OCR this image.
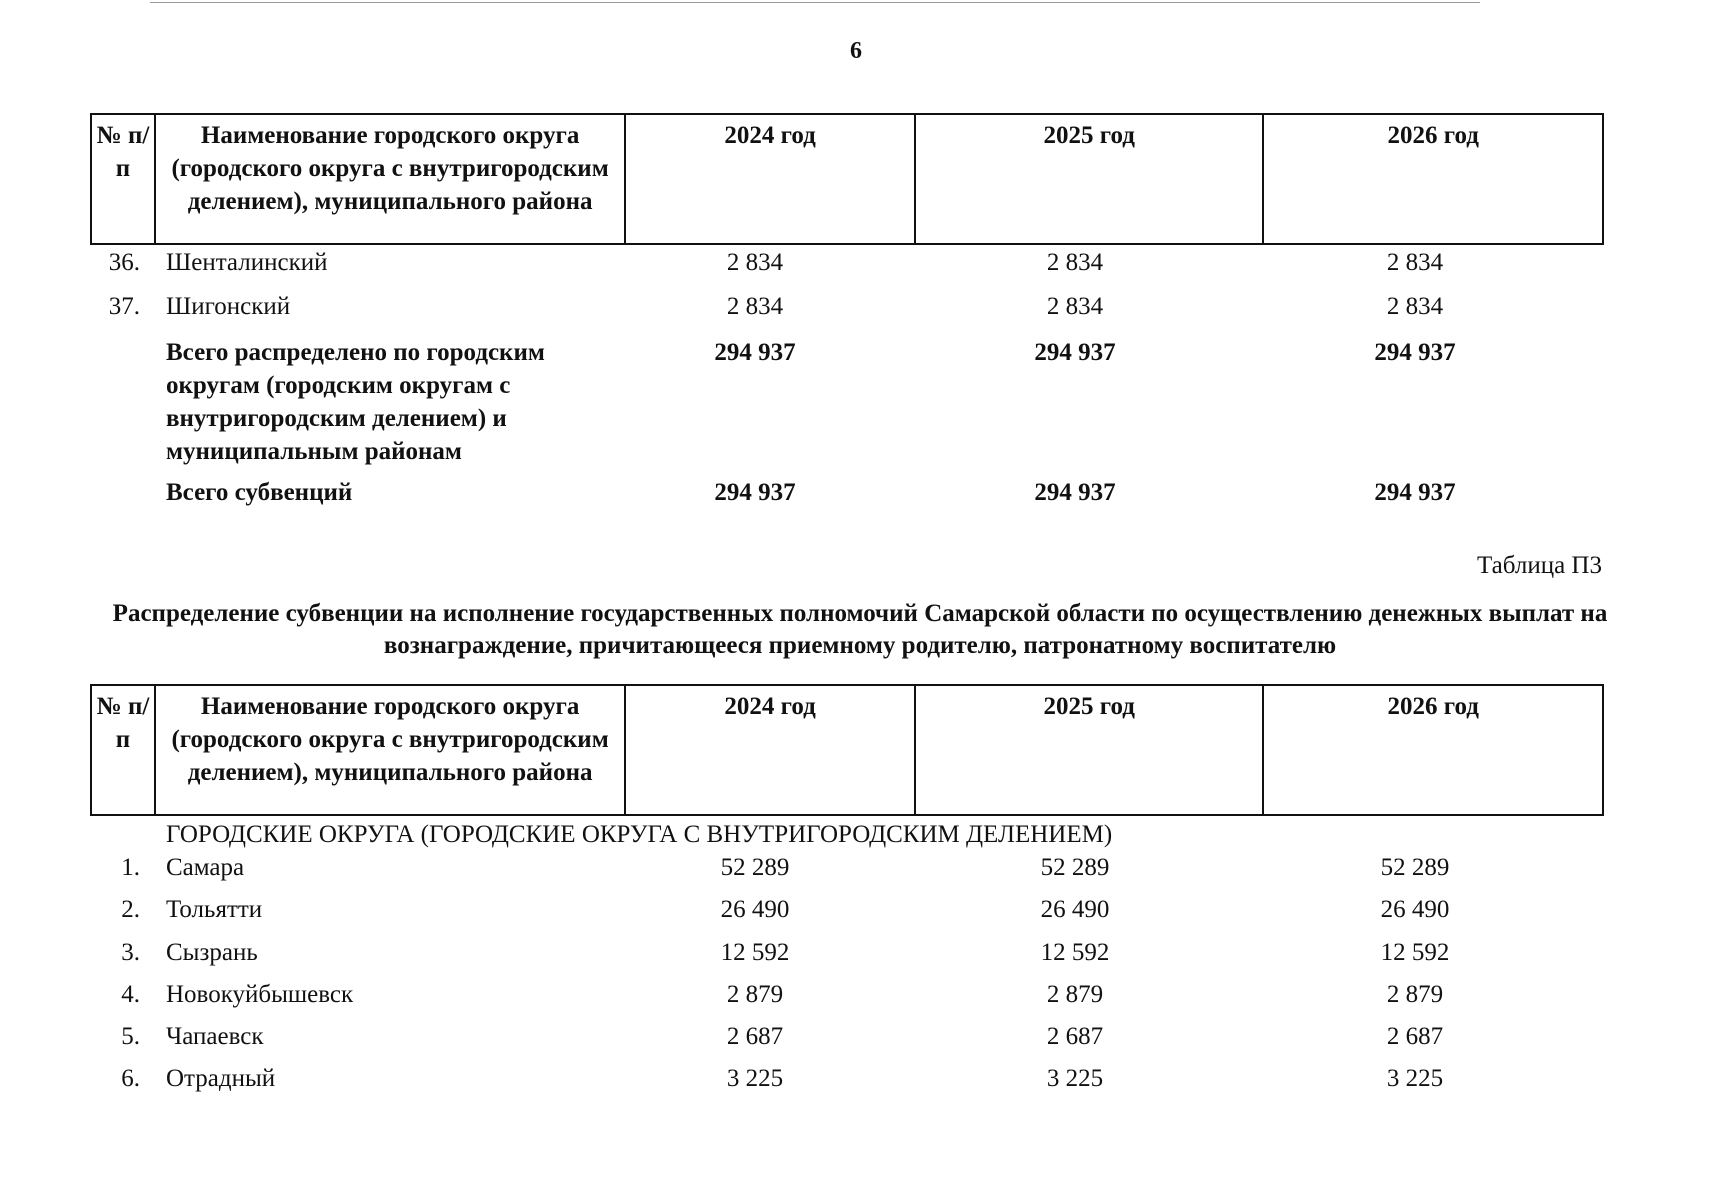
6
№ п/п
Наименование городского округа (городского округа с внутригородским делением), муниципального района
2024 год	2025 год	2026 год
36. Шенталинский	2 834	2 834	2 834
37. Шигонский	2 834	2 834	2 834
Всего распределено по городским округам (городским округам с внутригородским делением) и муниципальным районам
294 937	294 937	294 937
Всего субвенций	294 937	294 937	294 937
Таблица П3
Распределение субвенции на исполнение государственных полномочий Самарской области по осуществлению денежных выплат на вознаграждение, причитающееся приемному родителю, патронатному воспитателю
№ п/п
Наименование городского округа (городского округа с внутригородским делением), муниципального района
2024 год	2025 год	2026 год
ГОРОДСКИЕ ОКРУГА (ГОРОДСКИЕ ОКРУГА С ВНУТРИГОРОДСКИМ ДЕЛЕНИЕМ)
1. Самара	52 289	52 289	52 289
2. Тольятти	26 490	26 490	26 490
3. Сызрань	12 592	12 592	12 592
4. Новокуйбышевск	2 879	2 879	2 879
5. Чапаевск	2 687	2 687	2 687
6. Отрадный	3 225	3 225	3 225
